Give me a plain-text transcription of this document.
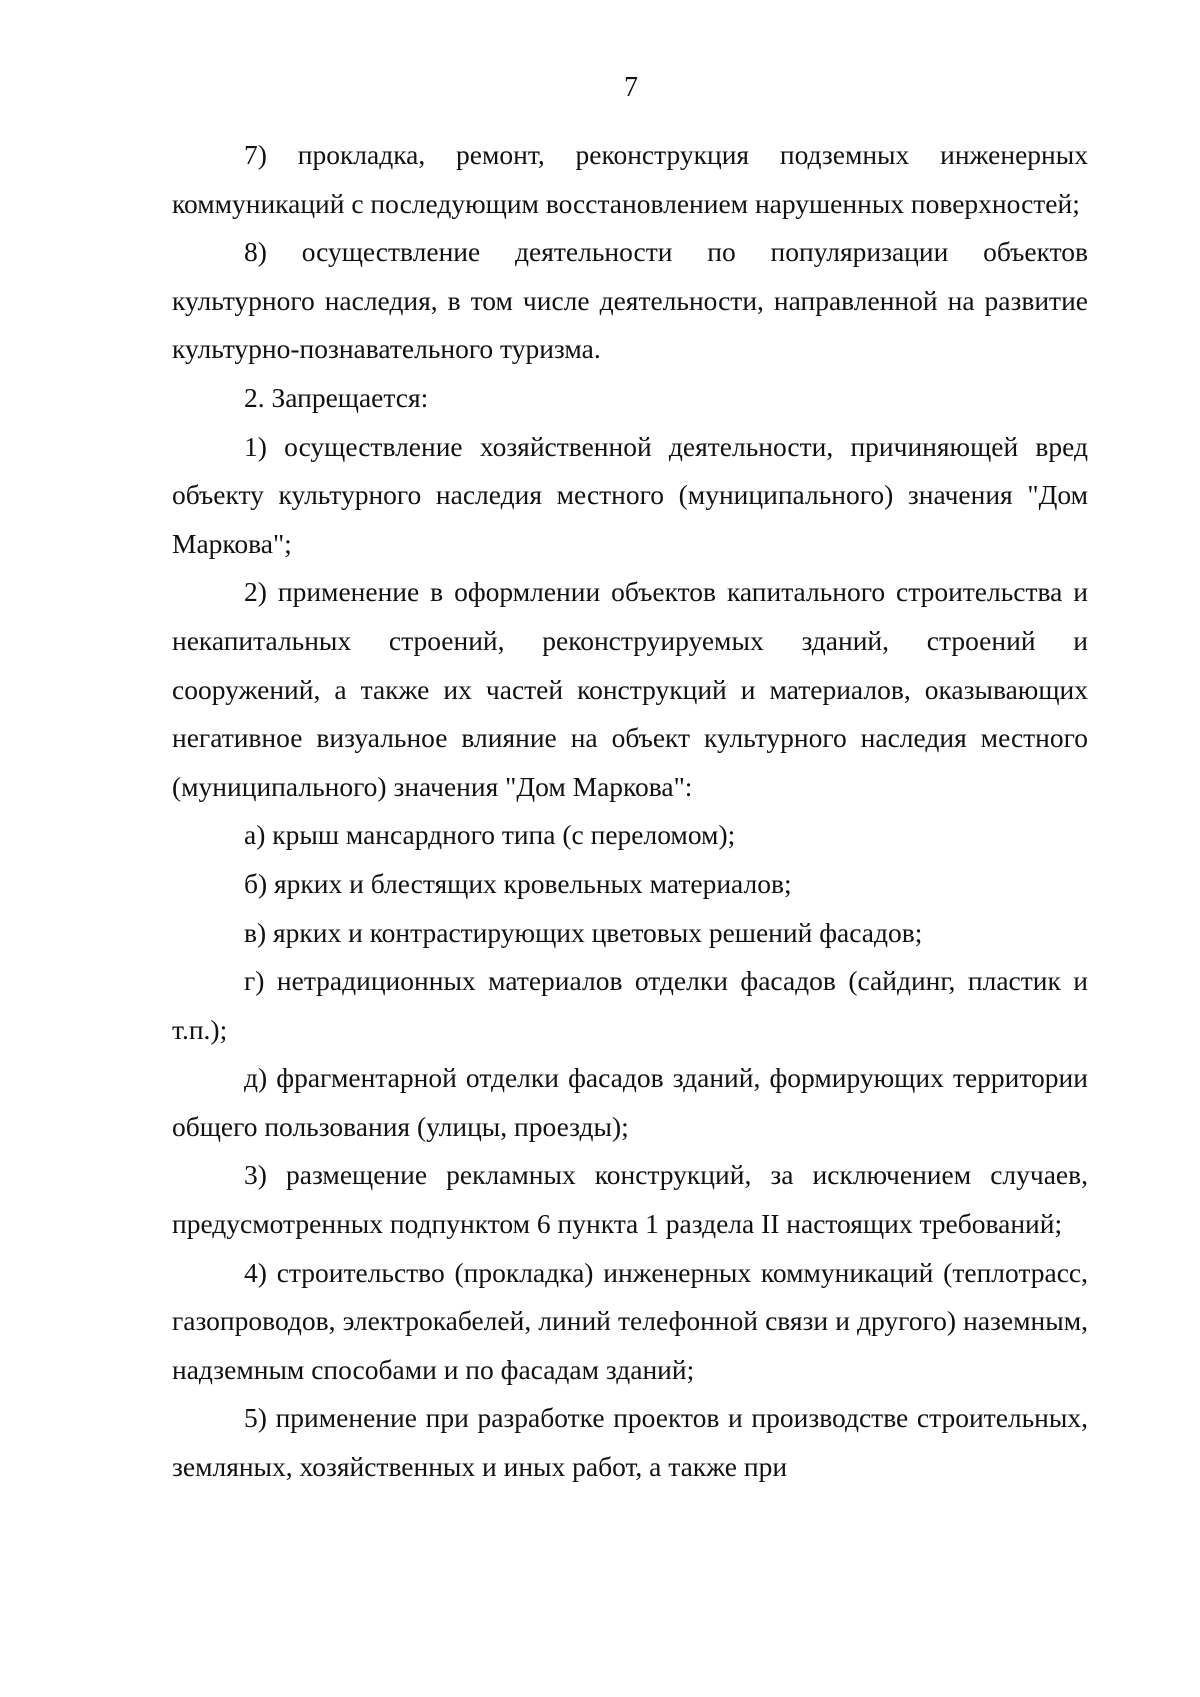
7

7) прокладка, ремонт, реконструкция подземных инженерных коммуникаций с последующим восстановлением нарушенных поверхностей;

8) осуществление деятельности по популяризации объектов культурного наследия, в том числе деятельности, направленной на развитие культурно-познавательного туризма.

2. Запрещается:

1) осуществление хозяйственной деятельности, причиняющей вред объекту культурного наследия местного (муниципального) значения "Дом Маркова";

2) применение в оформлении объектов капитального строительства и некапитальных строений, реконструируемых зданий, строений и сооружений, а также их частей конструкций и материалов, оказывающих негативное визуальное влияние на объект культурного наследия местного (муниципального) значения "Дом Маркова":

а) крыш мансардного типа (с переломом);

б) ярких и блестящих кровельных материалов;

в) ярких и контрастирующих цветовых решений фасадов;

г) нетрадиционных материалов отделки фасадов (сайдинг, пластик и т.п.);

д) фрагментарной отделки фасадов зданий, формирующих территории общего пользования (улицы, проезды);

3) размещение рекламных конструкций, за исключением случаев, предусмотренных подпунктом 6 пункта 1 раздела II настоящих требований;

4) строительство (прокладка) инженерных коммуникаций (теплотрасс, газопроводов, электрокабелей, линий телефонной связи и другого) наземным, надземным способами и по фасадам зданий;

5) применение при разработке проектов и производстве строительных, земляных, хозяйственных и иных работ, а также при
